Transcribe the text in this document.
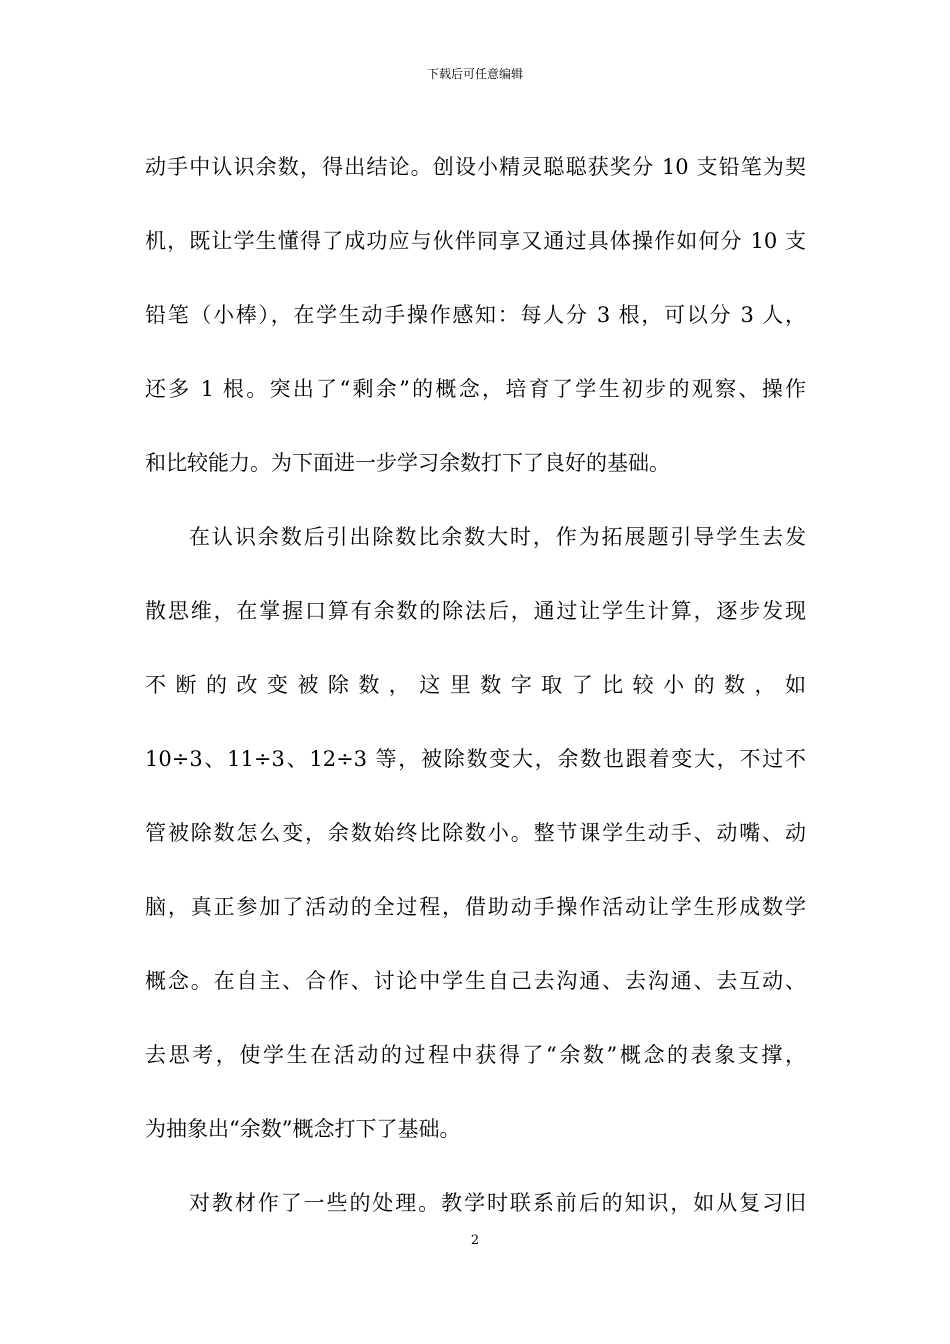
下载后可任意编辑
动手中认识余数，得出结论。创设小精灵聪聪获奖分 10 支铅笔为契
机，既让学生懂得了成功应与伙伴同享又通过具体操作如何分 10 支
铅笔（小棒），在学生动手操作感知：每人分 3 根，可以分 3 人，
还多 1 根。突出了“剩余”的概念，培育了学生初步的观察、操作
和比较能力。为下面进一步学习余数打下了良好的基础。
在认识余数后引出除数比余数大时，作为拓展题引导学生去发
散思维，在掌握口算有余数的除法后，通过让学生计算，逐步发现
不 断 的 改 变 被 除 数 ， 这 里 数 字 取 了 比 较 小 的 数 ， 如
10÷3、11÷3、12÷3 等，被除数变大，余数也跟着变大，不过不
管被除数怎么变，余数始终比除数小。整节课学生动手、动嘴、动
脑，真正参加了活动的全过程，借助动手操作活动让学生形成数学
概念。在自主、合作、讨论中学生自己去沟通、去沟通、去互动、
去思考，使学生在活动的过程中获得了“余数”概念的表象支撑，
为抽象出“余数”概念打下了基础。
对教材作了一些的处理。教学时联系前后的知识，如从复习旧
2
